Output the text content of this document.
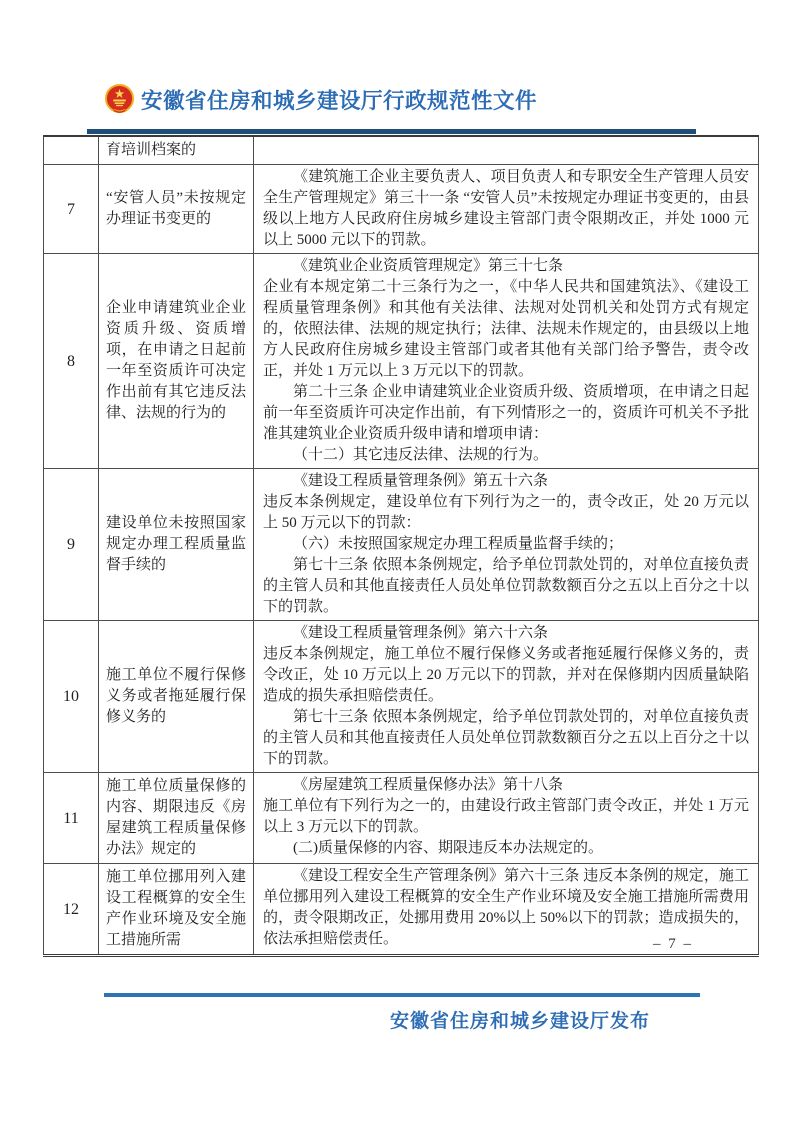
安徽省住房和城乡建设厅行政规范性文件
	育培训档案的	
7	“安管人员”未按规定办理证书变更的	《建筑施工企业主要负责人、项目负责人和专职安全生产管理人员安全生产管理规定》第三十一条 “安管人员”未按规定办理证书变更的，由县级以上地方人民政府住房城乡建设主管部门责令限期改正，并处 1000 元以上 5000 元以下的罚款。

8	企业申请建筑业企业资质升级、资质增项，在申请之日起前一年至资质许可决定作出前有其它违反法律、法规的行为的	《建筑业企业资质管理规定》第三十七条

企业有本规定第二十三条行为之一，《中华人民共和国建筑法》、《建设工程质量管理条例》和其他有关法律、法规对处罚机关和处罚方式有规定的，依照法律、法规的规定执行；法律、法规未作规定的，由县级以上地方人民政府住房城乡建设主管部门或者其他有关部门给予警告，责令改正，并处 1 万元以上 3 万元以下的罚款。

第二十三条 企业申请建筑业企业资质升级、资质增项，在申请之日起前一年至资质许可决定作出前，有下列情形之一的，资质许可机关不予批准其建筑业企业资质升级申请和增项申请：

（十二）其它违反法律、法规的行为。

9	建设单位未按照国家规定办理工程质量监督手续的	《建设工程质量管理条例》第五十六条

违反本条例规定，建设单位有下列行为之一的，责令改正，处 20 万元以上 50 万元以下的罚款：

（六）未按照国家规定办理工程质量监督手续的；

第七十三条 依照本条例规定，给予单位罚款处罚的，对单位直接负责的主管人员和其他直接责任人员处单位罚款数额百分之五以上百分之十以下的罚款。

10	施工单位不履行保修义务或者拖延履行保修义务的	《建设工程质量管理条例》第六十六条

违反本条例规定，施工单位不履行保修义务或者拖延履行保修义务的，责令改正，处 10 万元以上 20 万元以下的罚款，并对在保修期内因质量缺陷造成的损失承担赔偿责任。

第七十三条 依照本条例规定，给予单位罚款处罚的，对单位直接负责的主管人员和其他直接责任人员处单位罚款数额百分之五以上百分之十以下的罚款。

11	施工单位质量保修的内容、期限违反《房屋建筑工程质量保修办法》规定的	《房屋建筑工程质量保修办法》第十八条

施工单位有下列行为之一的，由建设行政主管部门责令改正，并处 1 万元以上 3 万元以下的罚款。

(二)质量保修的内容、期限违反本办法规定的。

12	施工单位挪用列入建设工程概算的安全生产作业环境及安全施工措施所需	《建设工程安全生产管理条例》第六十三条 违反本条例的规定，施工单位挪用列入建设工程概算的安全生产作业环境及安全施工措施所需费用的，责令限期改正，处挪用费用 20%以上 50%以下的罚款；造成损失的，依法承担赔偿责任。	– 7 –
安徽省住房和城乡建设厅发布
